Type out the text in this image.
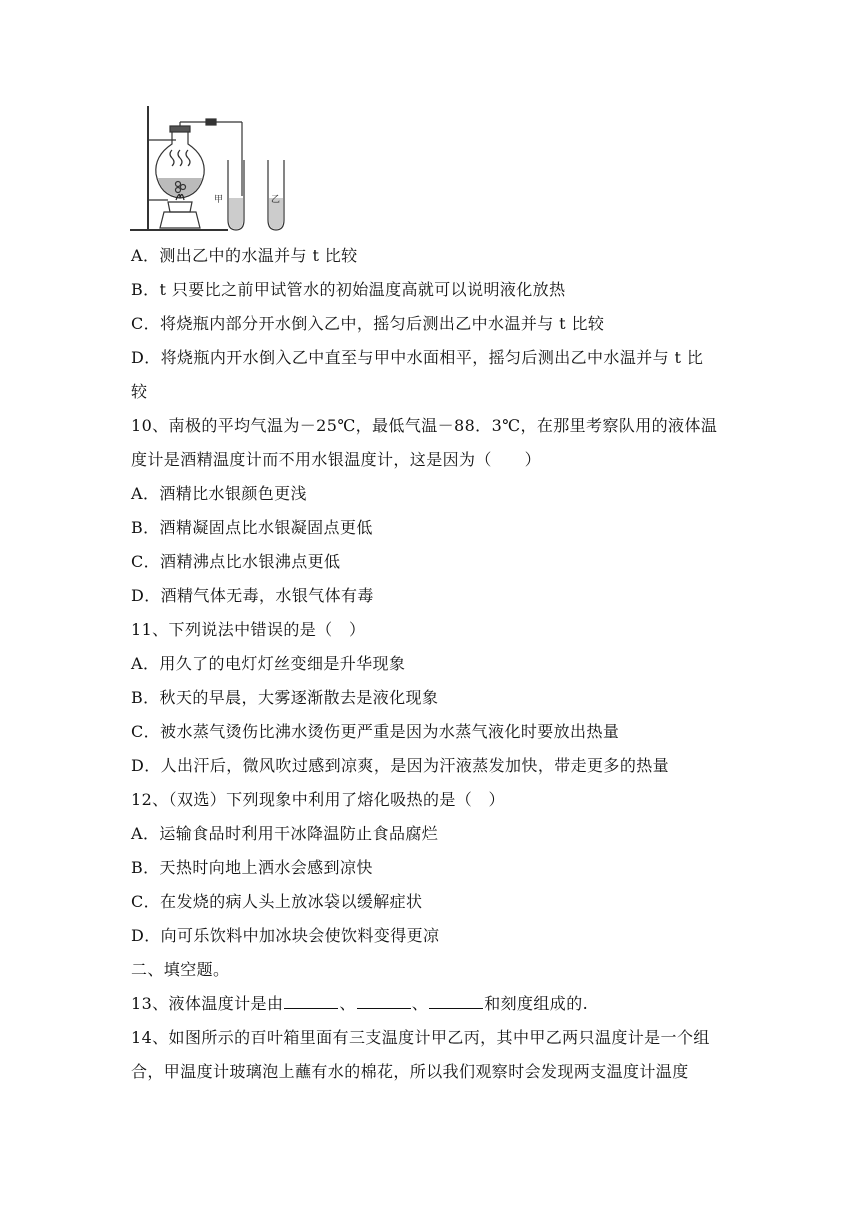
甲	乙

A．测出乙中的水温并与 t 比较

B．t 只要比之前甲试管水的初始温度高就可以说明液化放热

C．将烧瓶内部分开水倒入乙中，摇匀后测出乙中水温并与 t 比较

D．将烧瓶内开水倒入乙中直至与甲中水面相平，摇匀后测出乙中水温并与 t 比

较

10、南极的平均气温为－25℃，最低气温－88．3℃，在那里考察队用的液体温

度计是酒精温度计而不用水银温度计，这是因为（　　）

A．酒精比水银颜色更浅

B．酒精凝固点比水银凝固点更低

C．酒精沸点比水银沸点更低

D．酒精气体无毒，水银气体有毒

11、下列说法中错误的是（　）

A．用久了的电灯灯丝变细是升华现象

B．秋天的早晨，大雾逐渐散去是液化现象

C．被水蒸气烫伤比沸水烫伤更严重是因为水蒸气液化时要放出热量

D．人出汗后，微风吹过感到凉爽，是因为汗液蒸发加快，带走更多的热量

12、（双选）下列现象中利用了熔化吸热的是（　）

A．运输食品时利用干冰降温防止食品腐烂

B．天热时向地上洒水会感到凉快

C．在发烧的病人头上放冰袋以缓解症状

D．向可乐饮料中加冰块会使饮料变得更凉

二、填空题。

13、液体温度计是由	、	、	和刻度组成的.

14、如图所示的百叶箱里面有三支温度计甲乙丙，其中甲乙两只温度计是一个组

合，甲温度计玻璃泡上蘸有水的棉花，所以我们观察时会发现两支温度计温度
